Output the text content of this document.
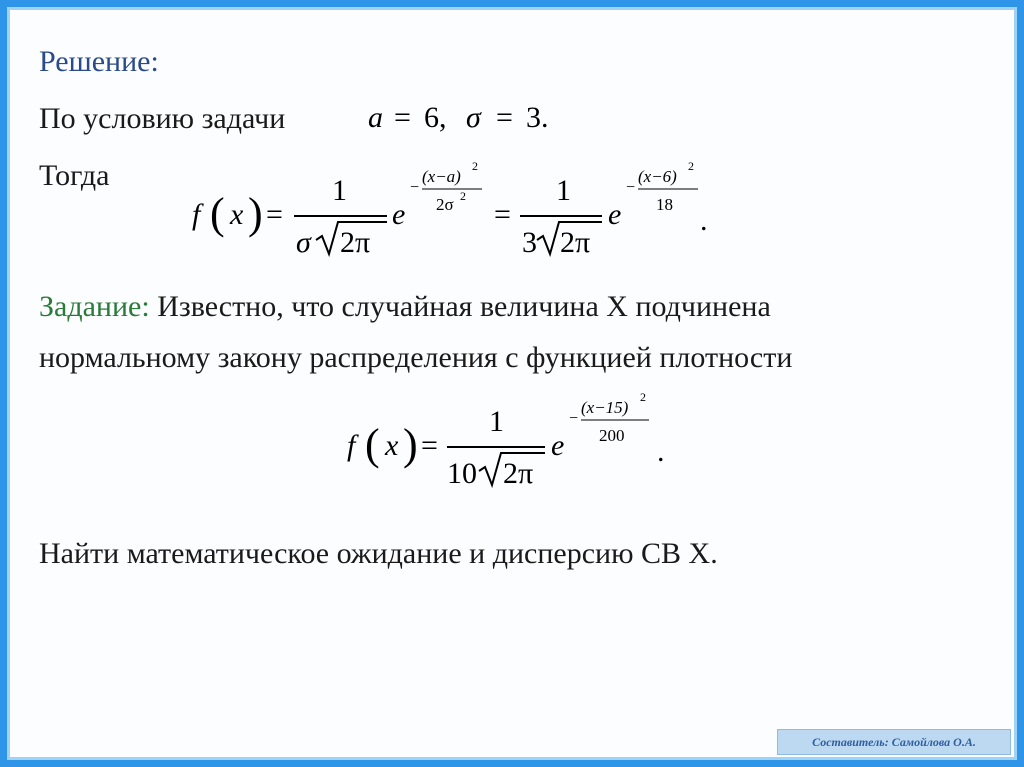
Решение:
По условию задачи	a = 6, σ = 3.
Тогда
f ( x ) =
1
σ 2π
e
−
(x−a)
2
2σ 2
=
1
3 2π
e
−
(x−6)
2
18 .
Задание: Известно, что случайная величина X подчинена
нормальному закону распределения с функцией плотности
f ( x ) =
1
10 2π
e
−
(x−15)
2
200 .
Найти математическое ожидание и дисперсию СВ X.
Составитель: Самойлова О.А.
